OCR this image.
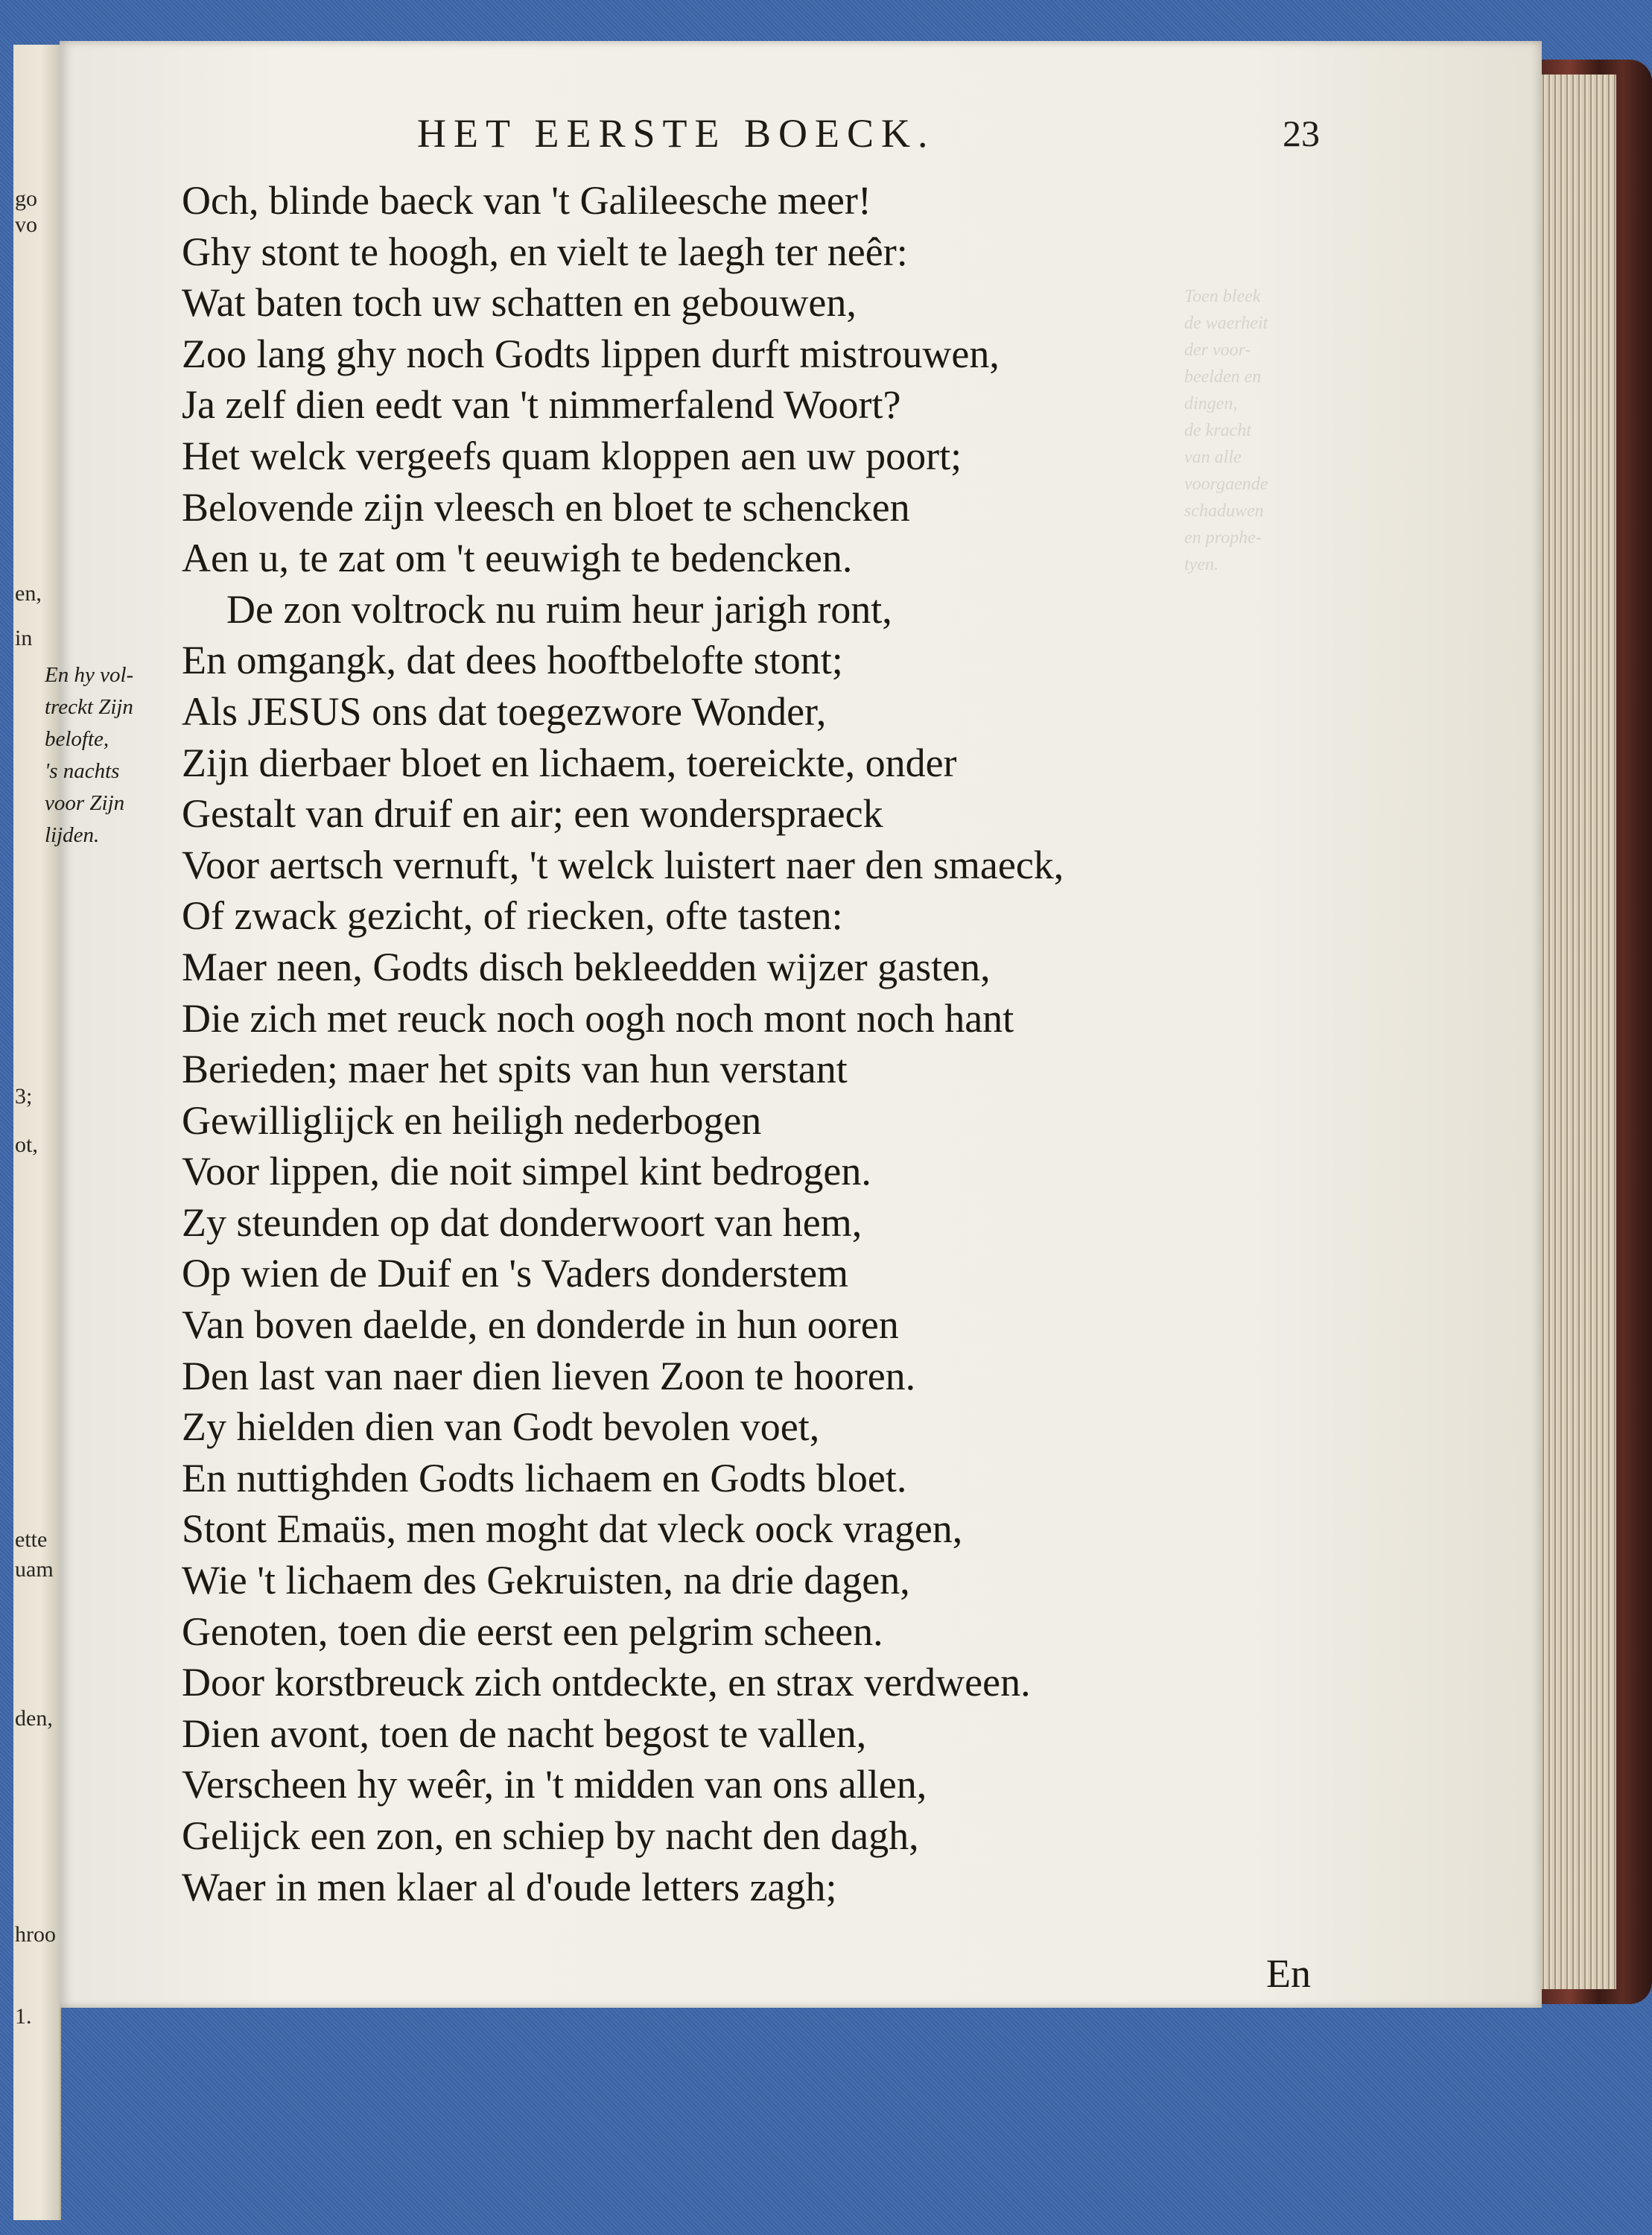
go
vo
en,
in
3;
ot,
ette
uam
den,
hroo
1.
Toen bleek
de waerheit
der voor-
beelden en
dingen,
de kracht
van alle
voorgaende
schaduwen
en prophe-
tyen.
HET EERSTE BOECK.	23
En hy vol-
treckt Zijn
belofte,
's nachts
voor Zijn
lijden.
Och, blinde baeck van 't Galileesche meer!
Ghy stont te hoogh, en vielt te laegh ter neêr:
Wat baten toch uw schatten en gebouwen,
Zoo lang ghy noch Godts lippen durft mistrouwen,
Ja zelf dien eedt van 't nimmerfalend Woort?
Het welck vergeefs quam kloppen aen uw poort;
Belovende zijn vleesch en bloet te schencken
Aen u, te zat om 't eeuwigh te bedencken.
De zon voltrock nu ruim heur jarigh ront,
En omgangk, dat dees hooftbelofte stont;
Als JESUS ons dat toegezwore Wonder,
Zijn dierbaer bloet en lichaem, toereickte, onder
Gestalt van druif en air; een wonderspraeck
Voor aertsch vernuft, 't welck luistert naer den smaeck,
Of zwack gezicht, of riecken, ofte tasten:
Maer neen, Godts disch bekleedden wijzer gasten,
Die zich met reuck noch oogh noch mont noch hant
Berieden; maer het spits van hun verstant
Gewilliglijck en heiligh nederbogen
Voor lippen, die noit simpel kint bedrogen.
Zy steunden op dat donderwoort van hem,
Op wien de Duif en 's Vaders donderstem
Van boven daelde, en donderde in hun ooren
Den last van naer dien lieven Zoon te hooren.
Zy hielden dien van Godt bevolen voet,
En nuttighden Godts lichaem en Godts bloet.
Stont Emaüs, men moght dat vleck oock vragen,
Wie 't lichaem des Gekruisten, na drie dagen,
Genoten, toen die eerst een pelgrim scheen.
Door korstbreuck zich ontdeckte, en strax verdween.
Dien avont, toen de nacht begost te vallen,
Verscheen hy weêr, in 't midden van ons allen,
Gelijck een zon, en schiep by nacht den dagh,
Waer in men klaer al d'oude letters zagh;
En
